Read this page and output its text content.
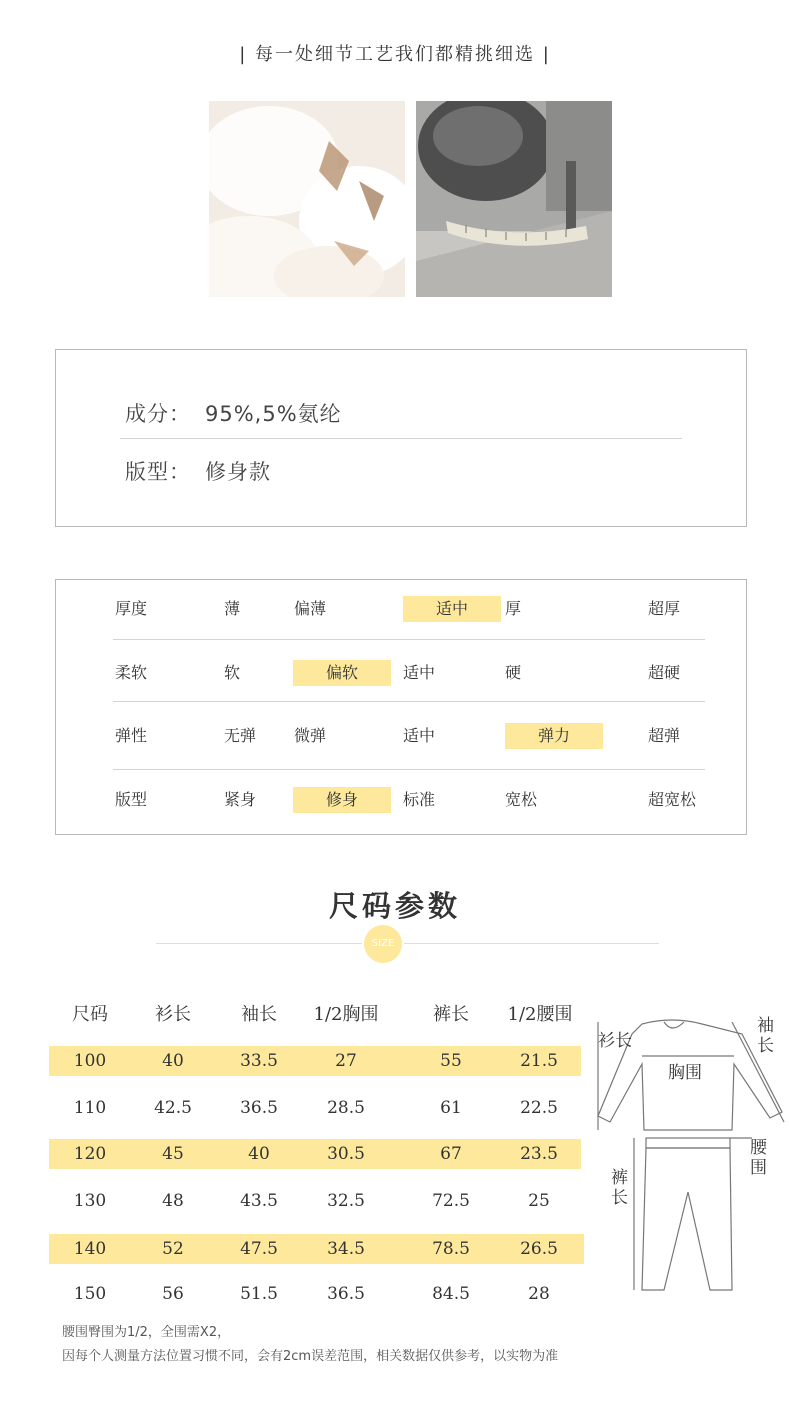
| 每一处细节工艺我们都精挑细选 |
成分： 95%,5%氨纶
版型： 修身款
厚度	薄	偏薄	适中	厚	超厚
柔软	软	偏软	适中	硬	超硬
弹性	无弹	微弹	适中	弹力	超弹
版型	紧身	修身	标准	宽松	超宽松
尺码参数
SIZE
尺码	衫长	袖长	1/2胸围	裤长	1/2腰围
100	40	33.5	27	55	21.5
110	42.5	36.5	28.5	61	22.5
120	45	40	30.5	67	23.5
130	48	43.5	32.5	72.5	25
140	52	47.5	34.5	78.5	26.5
150	56	51.5	36.5	84.5	28
衫长
胸围
袖长
腰围
裤长
腰围臀围为1/2，全围需X2，
因每个人测量方法位置习惯不同，会有2cm误差范围，相关数据仅供参考，以实物为准
